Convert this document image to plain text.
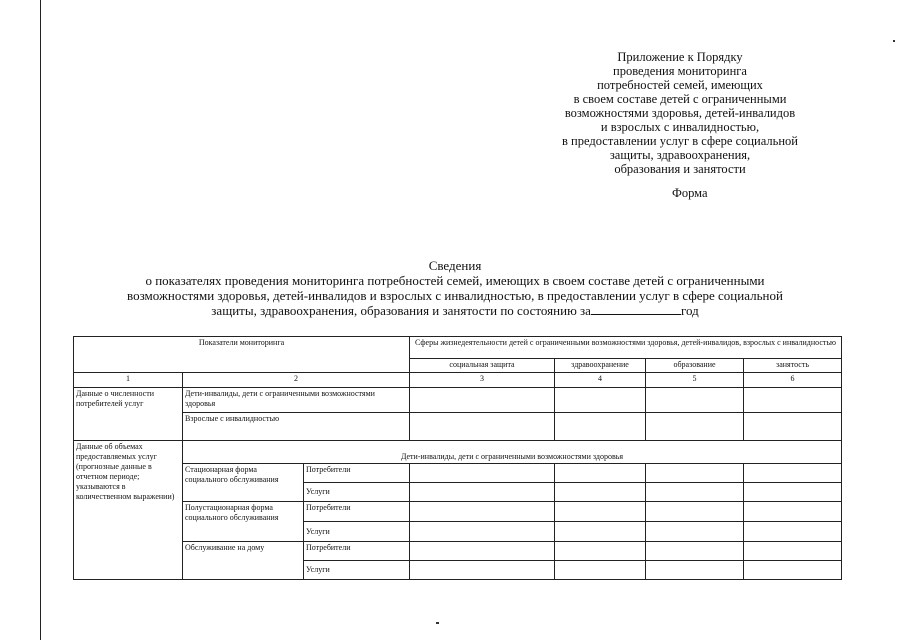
Приложение к Порядку
проведения мониторинга
потребностей семей, имеющих
в своем составе детей с ограниченными
возможностями здоровья, детей-инвалидов
и взрослых с инвалидностью,
в предоставлении услуг в сфере социальной
защиты, здравоохранения,
образования и занятости
Форма
Сведения
о показателях проведения мониторинга потребностей семей, имеющих в своем составе детей с ограниченными
возможностями здоровья, детей-инвалидов и взрослых с инвалидностью, в предоставлении услуг в сфере социальной
защиты, здравоохранения, образования и занятости по состоянию за	год
Показатели мониторинга			Сферы жизнедеятельности детей с ограниченными возможностями здоровья, детей-инвалидов, взрослых с инвалидностью			
			социальная защита	здравоохранение	образование	занятость
1	2		3	4	5	6
Данные о численности потребителей услуг	Дети-инвалиды, дети с ограниченными возможностями здоровья					
	Взрослые с инвалидностью					
Данные об объемах предоставляемых услуг (прогнозные данные в отчетном периоде; указываются в количественном выражении)	Дети-инвалиды, дети с ограниченными возможностями здоровья					
	Стационарная форма социального обслуживания	Потребители				
		Услуги				
	Полустационарная форма социального обслуживания	Потребители				
		Услуги				
	Обслуживание на дому	Потребители				
		Услуги				
